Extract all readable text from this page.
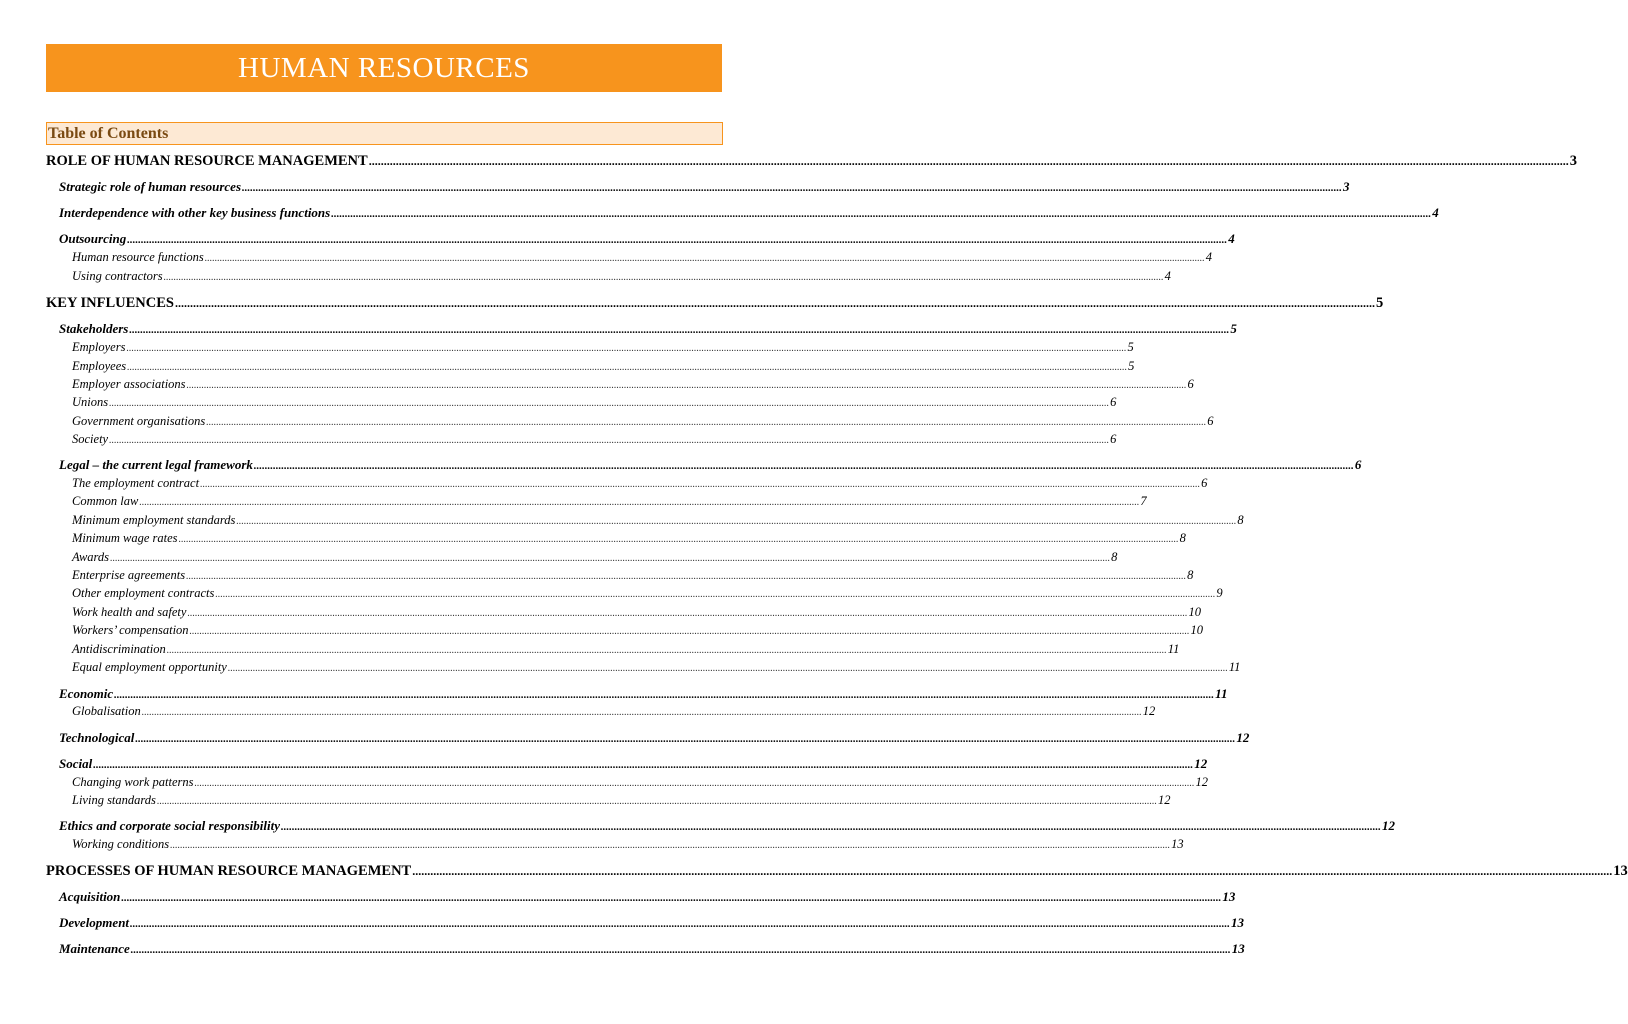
HUMAN RESOURCES
Table of Contents
ROLE OF HUMAN RESOURCE MANAGEMENT ................................................................................................................................................................................................................................................................................................................................................................................................................ 3
Strategic role of human resources ................................................................................................................................................................................................................................................................................................................................................................................................................ 3
Interdependence with other key business functions ................................................................................................................................................................................................................................................................................................................................................................................................................ 4
Outsourcing ................................................................................................................................................................................................................................................................................................................................................................................................................ 4
Human resource functions ................................................................................................................................................................................................................................................................................................................................................................................................................ 4
Using contractors ................................................................................................................................................................................................................................................................................................................................................................................................................ 4
KEY INFLUENCES ................................................................................................................................................................................................................................................................................................................................................................................................................ 5
Stakeholders ................................................................................................................................................................................................................................................................................................................................................................................................................ 5
Employers ................................................................................................................................................................................................................................................................................................................................................................................................................ 5
Employees ................................................................................................................................................................................................................................................................................................................................................................................................................ 5
Employer associations ................................................................................................................................................................................................................................................................................................................................................................................................................ 6
Unions ................................................................................................................................................................................................................................................................................................................................................................................................................ 6
Government organisations ................................................................................................................................................................................................................................................................................................................................................................................................................ 6
Society ................................................................................................................................................................................................................................................................................................................................................................................................................ 6
Legal – the current legal framework ................................................................................................................................................................................................................................................................................................................................................................................................................ 6
The employment contract ................................................................................................................................................................................................................................................................................................................................................................................................................ 6
Common law ................................................................................................................................................................................................................................................................................................................................................................................................................ 7
Minimum employment standards ................................................................................................................................................................................................................................................................................................................................................................................................................ 8
Minimum wage rates ................................................................................................................................................................................................................................................................................................................................................................................................................ 8
Awards ................................................................................................................................................................................................................................................................................................................................................................................................................ 8
Enterprise agreements ................................................................................................................................................................................................................................................................................................................................................................................................................ 8
Other employment contracts ................................................................................................................................................................................................................................................................................................................................................................................................................ 9
Work health and safety ................................................................................................................................................................................................................................................................................................................................................................................................................ 10
Workers’ compensation ................................................................................................................................................................................................................................................................................................................................................................................................................ 10
Antidiscrimination ................................................................................................................................................................................................................................................................................................................................................................................................................ 11
Equal employment opportunity ................................................................................................................................................................................................................................................................................................................................................................................................................ 11
Economic ................................................................................................................................................................................................................................................................................................................................................................................................................ 11
Globalisation ................................................................................................................................................................................................................................................................................................................................................................................................................ 12
Technological ................................................................................................................................................................................................................................................................................................................................................................................................................ 12
Social ................................................................................................................................................................................................................................................................................................................................................................................................................ 12
Changing work patterns ................................................................................................................................................................................................................................................................................................................................................................................................................ 12
Living standards ................................................................................................................................................................................................................................................................................................................................................................................................................ 12
Ethics and corporate social responsibility ................................................................................................................................................................................................................................................................................................................................................................................................................ 12
Working conditions ................................................................................................................................................................................................................................................................................................................................................................................................................ 13
PROCESSES OF HUMAN RESOURCE MANAGEMENT ................................................................................................................................................................................................................................................................................................................................................................................................................ 13
Acquisition ................................................................................................................................................................................................................................................................................................................................................................................................................ 13
Development ................................................................................................................................................................................................................................................................................................................................................................................................................ 13
Maintenance ................................................................................................................................................................................................................................................................................................................................................................................................................ 13
